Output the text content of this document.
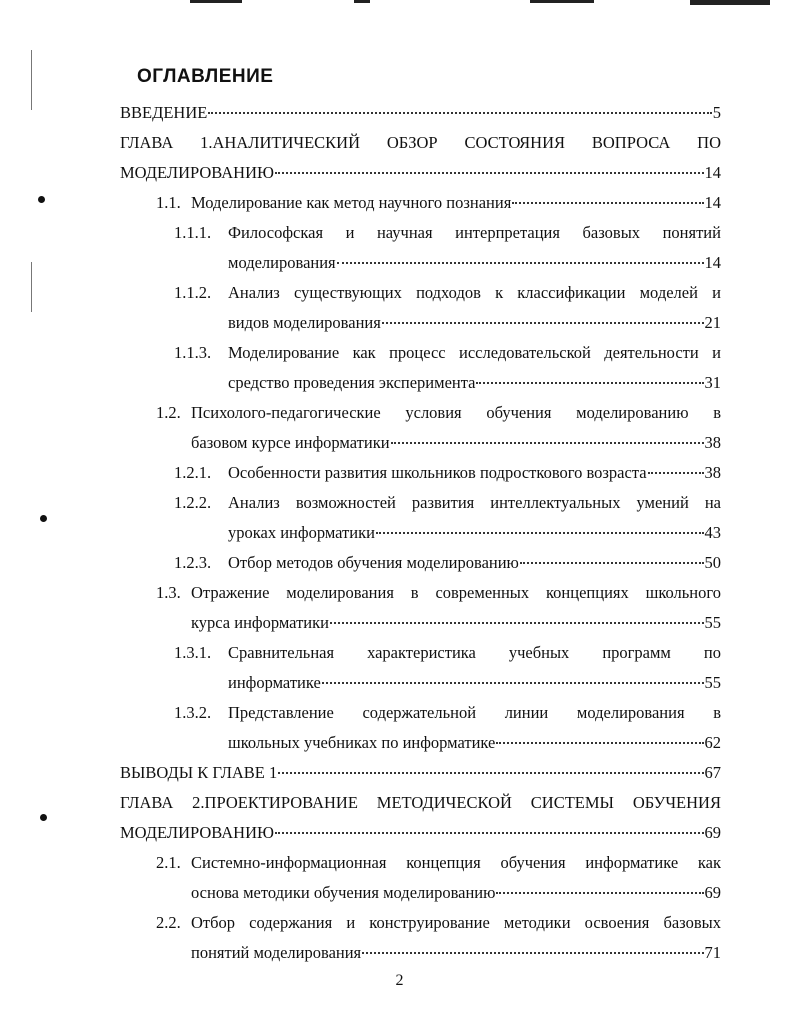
ОГЛАВЛЕНИЕ
ВВЕДЕНИЕ	5
ГЛАВА 1.АНАЛИТИЧЕСКИЙ ОБЗОР СОСТОЯНИЯ ВОПРОСА ПО
МОДЕЛИРОВАНИЮ	14
1.1. Моделирование как метод научного познания	14
1.1.1. Философская и научная интерпретация базовых понятий
моделирования	14
1.1.2. Анализ существующих подходов к классификации моделей и
видов моделирования	21
1.1.3. Моделирование как процесс исследовательской деятельности и
средство проведения эксперимента	31
1.2. Психолого-педагогические условия обучения моделированию в
базовом курсе информатики	38
1.2.1. Особенности развития школьников подросткового возраста	38
1.2.2. Анализ возможностей развития интеллектуальных умений на
уроках информатики	43
1.2.3. Отбор методов обучения моделированию	50
1.3. Отражение моделирования в современных концепциях школьного
курса информатики	55
1.3.1. Сравнительная характеристика учебных программ по
информатике	55
1.3.2. Представление содержательной линии моделирования в
школьных учебниках по информатике	62
ВЫВОДЫ К ГЛАВЕ 1	67
ГЛАВА 2.ПРОЕКТИРОВАНИЕ МЕТОДИЧЕСКОЙ СИСТЕМЫ ОБУЧЕНИЯ
МОДЕЛИРОВАНИЮ	69
2.1. Системно-информационная концепция обучения информатике как
основа методики обучения моделированию	69
2.2. Отбор содержания и конструирование методики освоения базовых
понятий моделирования	71
2
